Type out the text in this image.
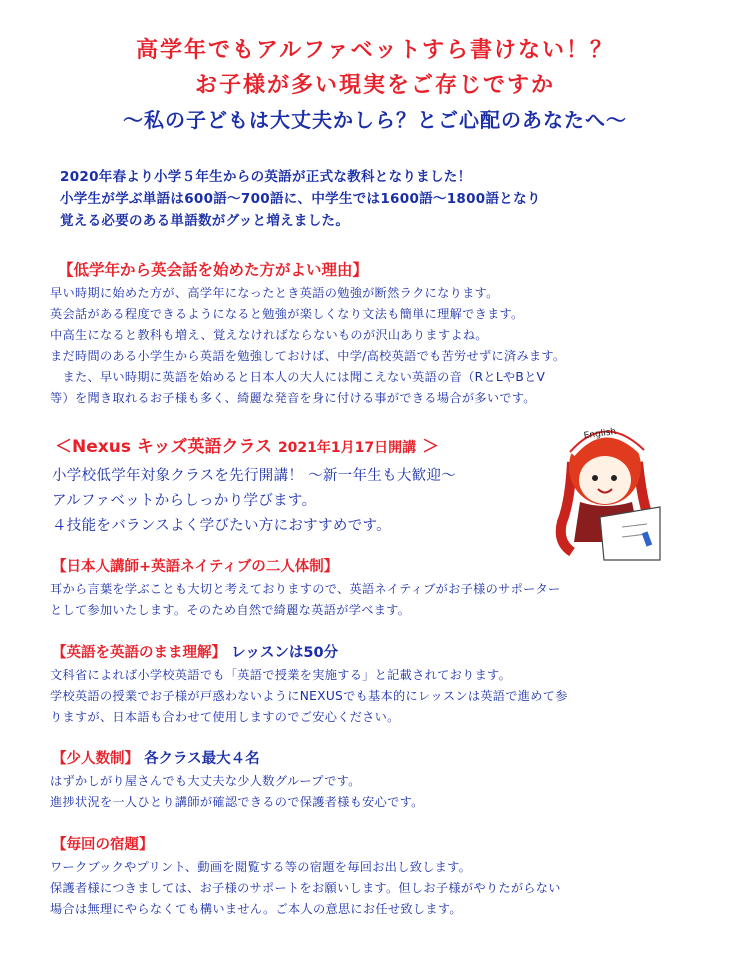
高学年でもアルファベットすら書けない！？
お子様が多い現実をご存じですか
～私の子どもは大丈夫かしら？とご心配のあなたへ～
2020年春より小学５年生からの英語が正式な教科となりました！
小学生が学ぶ単語は600語～700語に、中学生では1600語～1800語となり
覚える必要のある単語数がグッと増えました。
【低学年から英会話を始めた方がよい理由】
早い時期に始めた方が、高学年になったとき英語の勉強が断然ラクになります。
英会話がある程度できるようになると勉強が楽しくなり文法も簡単に理解できます。
中高生になると教科も増え、覚えなければならないものが沢山ありますよね。
まだ時間のある小学生から英語を勉強しておけば、中学/高校英語でも苦労せずに済みます。
　また、早い時期に英語を始めると日本人の大人には聞こえない英語の音（RとLやBとV
等）を聞き取れるお子様も多く、綺麗な発音を身に付ける事ができる場合が多いです。
＜Nexus キッズ英語クラス 2021年1月17日開講 ＞
小学校低学年対象クラスを先行開講！ ～新一年生も大歓迎～
アルファベットからしっかり学びます。
４技能をバランスよく学びたい方におすすめです。
English
【日本人講師+英語ネイティブの二人体制】
耳から言葉を学ぶことも大切と考えておりますので、英語ネイティブがお子様のサポーター
として参加いたします。そのため自然で綺麗な英語が学べます。
【英語を英語のまま理解】 レッスンは50分
文科省によれば小学校英語でも「英語で授業を実施する」と記載されております。
学校英語の授業でお子様が戸惑わないようにNEXUSでも基本的にレッスンは英語で進めて参
りますが、日本語も合わせて使用しますのでご安心ください。
【少人数制】 各クラス最大４名
はずかしがり屋さんでも大丈夫な少人数グループです。
進捗状況を一人ひとり講師が確認できるので保護者様も安心です。
【毎回の宿題】
ワークブックやプリント、動画を閲覧する等の宿題を毎回お出し致します。
保護者様につきましては、お子様のサポートをお願いします。但しお子様がやりたがらない
場合は無理にやらなくても構いません。ご本人の意思にお任せ致します。
